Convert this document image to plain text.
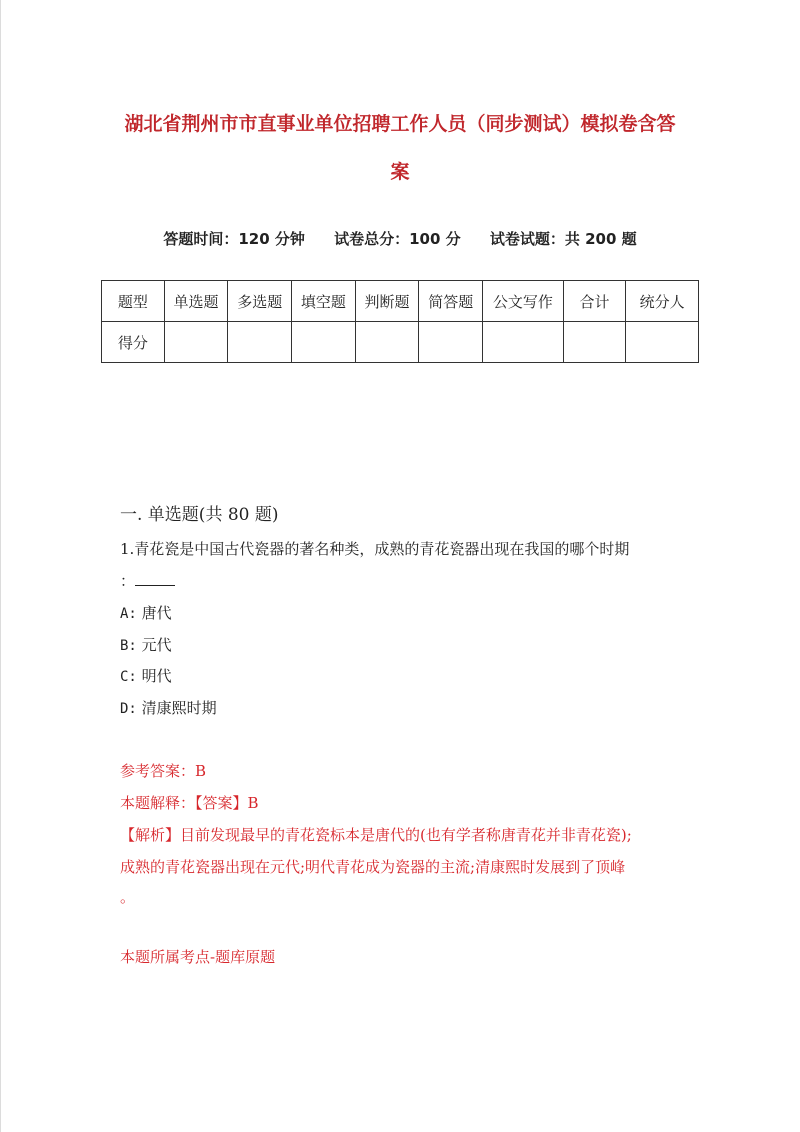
湖北省荆州市市直事业单位招聘工作人员（同步测试）模拟卷含答
案
答题时间：120 分钟 试卷总分：100 分 试卷试题：共 200 题
题型	单选题	多选题	填空题	判断题	简答题	公文写作	合计	统分人
得分								
一. 单选题(共 80 题)
1.青花瓷是中国古代瓷器的著名种类，成熟的青花瓷器出现在我国的哪个时期
：
A: 唐代
B: 元代
C: 明代
D: 清康熙时期
参考答案：B
本题解释：【答案】B
【解析】目前发现最早的青花瓷标本是唐代的(也有学者称唐青花并非青花瓷);
成熟的青花瓷器出现在元代;明代青花成为瓷器的主流;清康熙时发展到了顶峰
。
本题所属考点-题库原题
